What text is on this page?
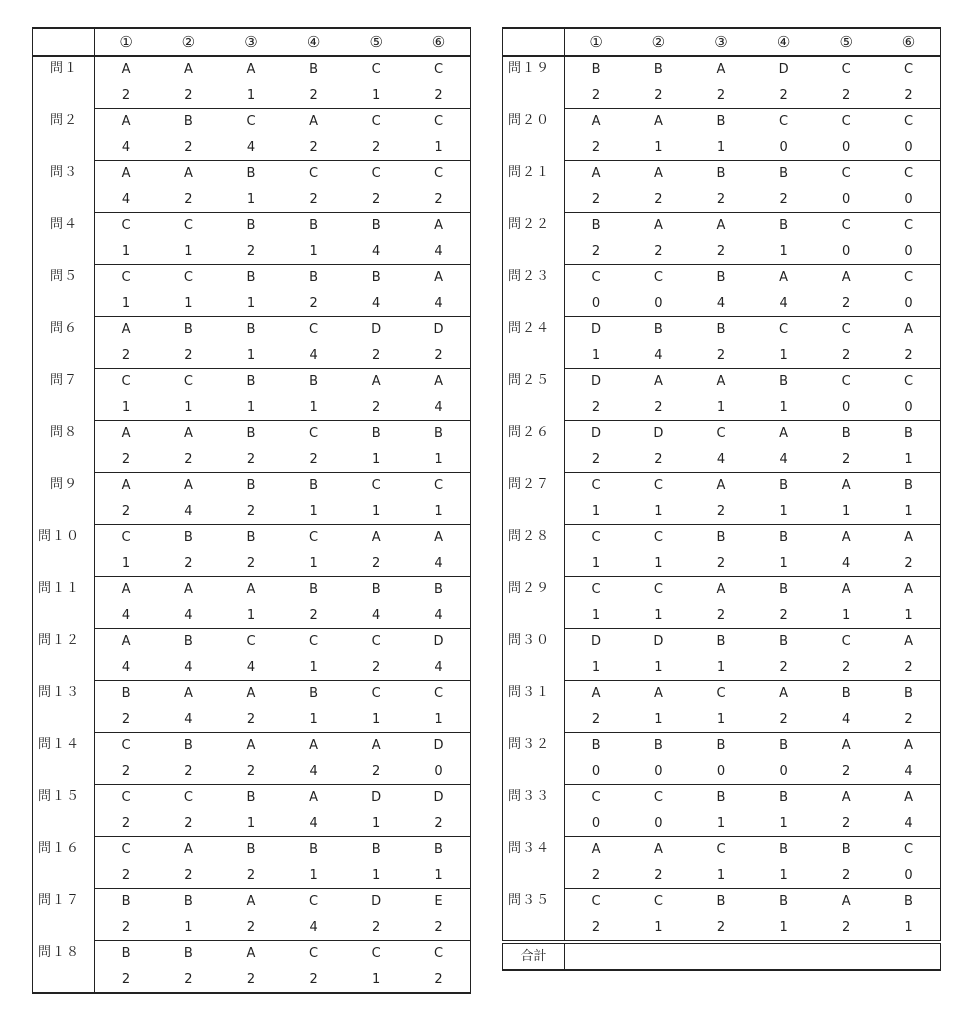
	①	②	③	④	⑤	⑥
問１	A	A	A	B	C	C
	2	2	1	2	1	2
問２	A	B	C	A	C	C
	4	2	4	2	2	1
問３	A	A	B	C	C	C
	4	2	1	2	2	2
問４	C	C	B	B	B	A
	1	1	2	1	4	4
問５	C	C	B	B	B	A
	1	1	1	2	4	4
問６	A	B	B	C	D	D
	2	2	1	4	2	2
問７	C	C	B	B	A	A
	1	1	1	1	2	4
問８	A	A	B	C	B	B
	2	2	2	2	1	1
問９	A	A	B	B	C	C
	2	4	2	1	1	1
問１０	C	B	B	C	A	A
	1	2	2	1	2	4
問１１	A	A	A	B	B	B
	4	4	1	2	4	4
問１２	A	B	C	C	C	D
	4	4	4	1	2	4
問１３	B	A	A	B	C	C
	2	4	2	1	1	1
問１４	C	B	A	A	A	D
	2	2	2	4	2	0
問１５	C	C	B	A	D	D
	2	2	1	4	1	2
問１６	C	A	B	B	B	B
	2	2	2	1	1	1
問１７	B	B	A	C	D	E
	2	1	2	4	2	2
問１８	B	B	A	C	C	C
	2	2	2	2	1	2
	①	②	③	④	⑤	⑥
問１９	B	B	A	D	C	C
	2	2	2	2	2	2
問２０	A	A	B	C	C	C
	2	1	1	0	0	0
問２１	A	A	B	B	C	C
	2	2	2	2	0	0
問２２	B	A	A	B	C	C
	2	2	2	1	0	0
問２３	C	C	B	A	A	C
	0	0	4	4	2	0
問２４	D	B	B	C	C	A
	1	4	2	1	2	2
問２５	D	A	A	B	C	C
	2	2	1	1	0	0
問２６	D	D	C	A	B	B
	2	2	4	4	2	1
問２７	C	C	A	B	A	B
	1	1	2	1	1	1
問２８	C	C	B	B	A	A
	1	1	2	1	4	2
問２９	C	C	A	B	A	A
	1	1	2	2	1	1
問３０	D	D	B	B	C	A
	1	1	1	2	2	2
問３１	A	A	C	A	B	B
	2	1	1	2	4	2
問３２	B	B	B	B	A	A
	0	0	0	0	2	4
問３３	C	C	B	B	A	A
	0	0	1	1	2	4
問３４	A	A	C	B	B	C
	2	2	1	1	2	0
問３５	C	C	B	B	A	B
	2	1	2	1	2	1
合計						
